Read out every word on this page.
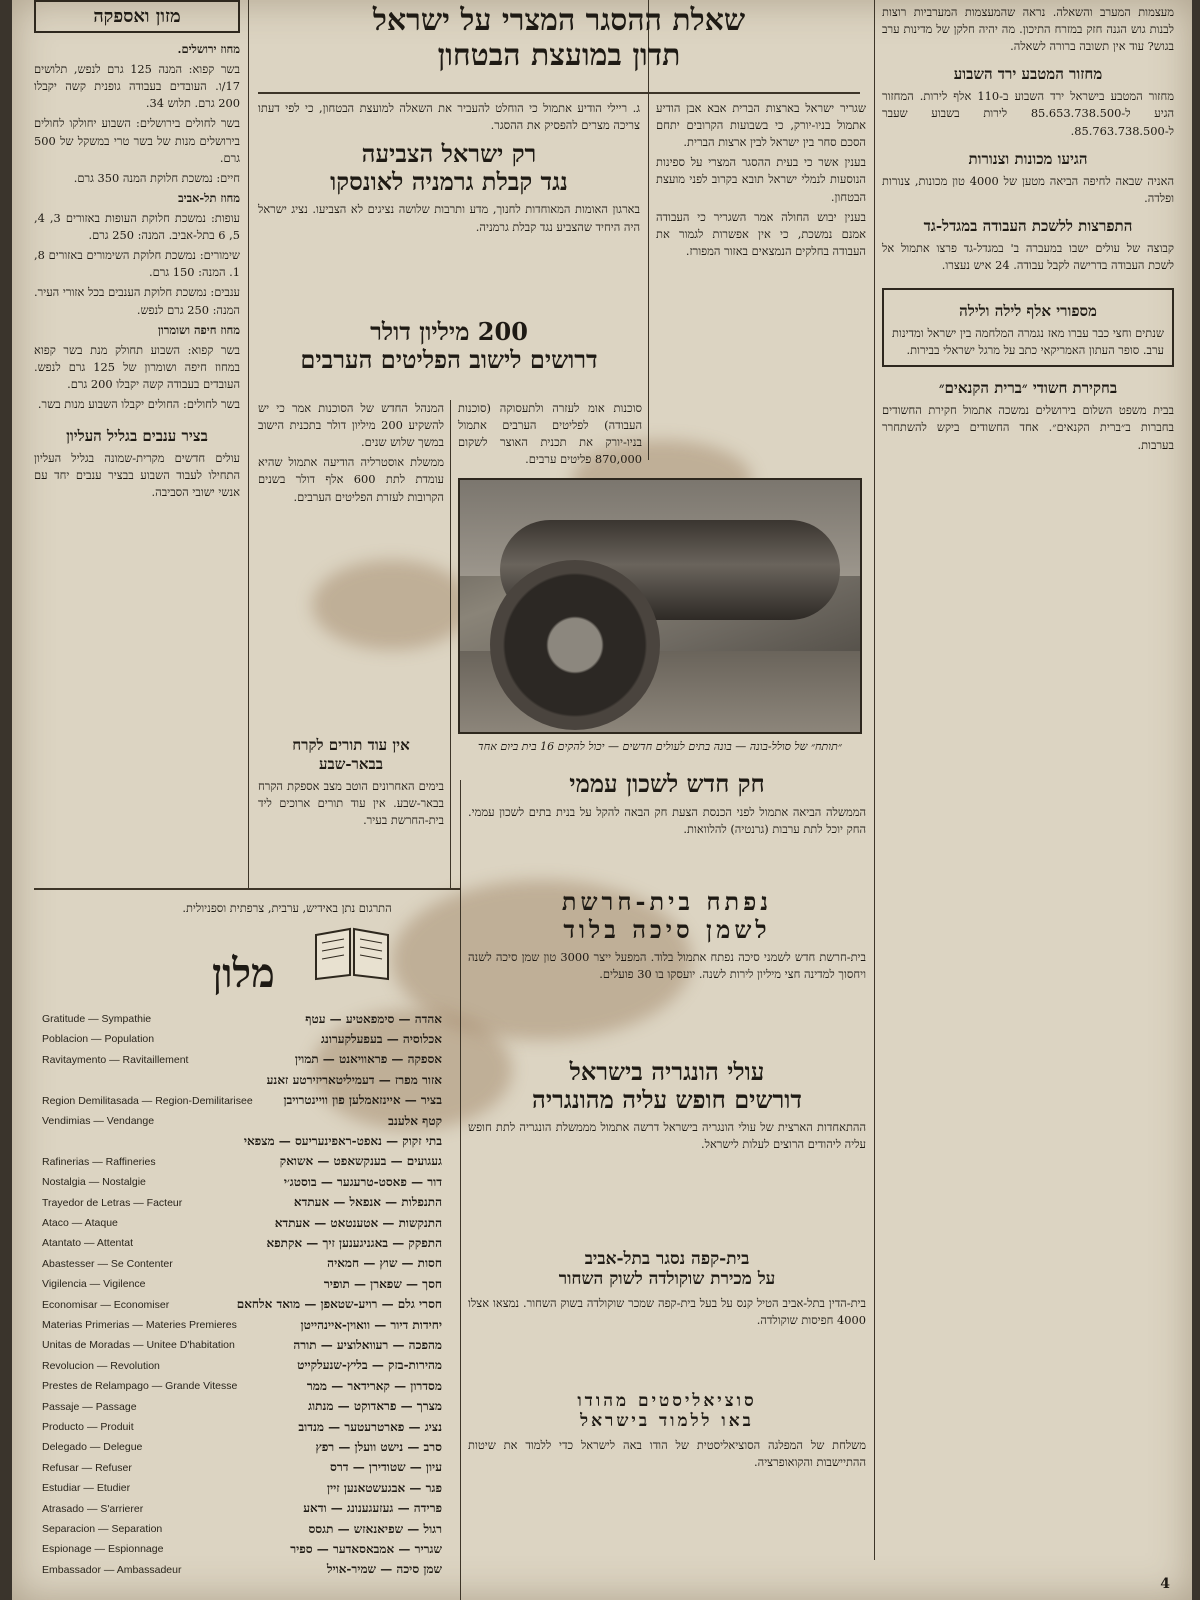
מזון ואספקה

מחוז ירושלים.

בשר קפוא: המנה 125 גרם לנפש, תלושים 17/ו. העובדים בעבודה גופנית קשה יקבלו 200 גרם. תלוש 34.

בשר לחולים בירושלים: השבוע יחולקו לחולים בירושלים מנות של בשר טרי במשקל של 500 גרם.

חיים: נמשכת חלוקת המנה 350 גרם.

מחוז תל-אביב

עופות: נמשכת חלוקת העופות באזורים 3, 4, 5, 6 בתל-אביב. המנה: 250 גרם.

שימורים: נמשכת חלוקת השימורים באזורים 8, 1. המנה: 150 גרם.

ענבים: נמשכת חלוקת הענבים בכל אזורי העיר. המנה: 250 גרם לנפש.

מחוז חיפה ושומרון

בשר קפוא: השבוע תחולק מנת בשר קפוא במחוז חיפה ושומרון של 125 גרם לנפש. העובדים בעבודה קשה יקבלו 200 גרם.

בשר לחולים: החולים יקבלו השבוע מנות בשר.

בציר ענבים בגליל העליון
עולים חדשים מקרית-שמונה בגליל העליון התחילו לעבוד השבוע בבציר ענבים יחד עם אנשי ישובי הסביבה.
שאלת ההסגר המצרי על ישראל
תדון במועצת הבטחון
ג. ריילי הודיע אתמול כי הוחלט להעביר את השאלה למועצת הבטחון, כי לפי דעתו צריכה מצרים להפסיק את ההסגר.
רק ישראל הצביעה
נגד קבלת גרמניה לאונסקו
בארגון האומות המאוחדות לחנוך, מדע ותרבות שלושה נציגים לא הצביעו. נציג ישראל היה היחיד שהצביע נגד קבלת גרמניה.

שגריר ישראל בארצות הברית אבא אבן הודיע אתמול בניו-יורק, כי בשבועות הקרובים יתחם הסכם סחר בין ישראל לבין ארצות הברית.

בענין אשר כי בעית ההסגר המצרי על ספינות הנוסעות לנמלי ישראל תובא בקרוב לפני מועצת הבטחון.

בענין יבוש החולה אמר השגריר כי העבודה אמנם נמשכת, כי אין אפשרות לגמור את העבודה בחלקים הנמצאים באזור המפורז.

200 מיליון דולר
דרושים לישוב הפליטים הערבים
סוכנות אומ לעזרה ולתעסוקה (סוכנות העבודה) לפליטים הערבים אתמול בניו-יורק את תכנית האוצר לשקום 870,000 פליטים ערבים.

המנהל החדש של הסוכנות אמר כי יש להשקיע 200 מיליון דולר בתכנית הישוב במשך שלוש שנים.

ממשלת אוסטרליה הודיעה אתמול שהיא עומדת לתת 600 אלף דולר בשנים הקרובות לעזרת הפליטים הערבים.

אין עוד תורים לקרח בבאר-שבע
בימים האחרונים הוטב מצב אספקת הקרח בבאר-שבע. אין עוד תורים ארוכים ליד בית-החרשת בעיר.
״תותח״ של סולל-בונה — בונה בתים לעולים חדשים — יכול להקים 16 בית ביום אחד
חק חדש לשכון עממי
הממשלה הביאה אתמול לפני הכנסת הצעת חק הבאה להקל על בנית בתים לשכון עממי. החק יוכל לתת ערבות (גרנטיה) להלוואות.
נפתח בית-חרשת
לשמן סיכה בלוד
בית-חרשת חדש לשמני סיכה נפתח אתמול בלוד. המפעל ייצר 3000 טון שמן סיכה לשנה ויחסוך למדינה חצי מיליון לירות לשנה. יועסקו בו 30 פועלים.
עולי הונגריה בישראל
דורשים חופש עליה מהונגריה
ההתאחדות הארצית של עולי הונגריה בישראל דרשה אתמול מממשלת הונגריה לתת חופש עליה ליהודים הרוצים לעלות לישראל.
בית-קפה נסגר בתל-אביב
על מכירת שוקולדה לשוק השחור
בית-הדין בתל-אביב הטיל קנס על בעל בית-קפה שמכר שוקולדה בשוק השחור. נמצאו אצלו 4000 חפיסות שוקולדה.
סוציאליסטים מהודו
באו ללמוד בישראל
משלחת של המפלגה הסוציאליסטית של הודו באה לישראל כדי ללמוד את שיטות ההתיישבות והקואופרציה.
מעצמות המערב והשאלה. נראה שהמעצמות המערביות רוצות לבנות גוש הגנה חזק במזרח התיכון. מה יהיה חלקן של מדינות ערב בגוש? עוד אין תשובה ברורה לשאלה.
מחזור המטבע ירד השבוע
מחזור המטבע בישראל ירד השבוע ב-110 אלף לירות. המחזור הגיע ל-85.653.738.500 לירות בשבוע שעבר ל-85.763.738.500.
הגיעו מכונות וצנורות
האניה שבאה לחיפה הביאה מטען של 4000 טון מכונות, צנורות ופלדה.
התפרצות ללשכת העבודה במגדל-גד
קבוצה של עולים ישבו במעברה ב' במגדל-גד פרצו אתמול אל לשכת העבודה בדרישה לקבל עבודה. 24 איש נעצרו.
מספורי אלף לילה ולילה
שנתים וחצי כבר עברו מאז נגמרה המלחמה בין ישראל ומדינות ערב. סופר העתון האמריקאי כתב על מרגל ישראלי בבירות.
בחקירת חשודי ״ברית הקנאים״
בבית משפט השלום בירושלים נמשכה אתמול חקירת החשודים בחברות ב״ברית הקנאים״. אחד החשודים ביקש להשתחרר בערבות.
התרגום נתן באידיש, ערבית, צרפתית וספניולית.
מלון
Gratitude — Sympathie	אהדה — סימפאטיע — עטף
Poblacion — Population	אכלוסיה — בעפעלקערונג
Ravitaymento — Ravitaillement	אספקה — פראוויאנט — תמוין
אזור מפרז — דעמיליטאריזירטע זאנע
Region Demilitasada — Region-Demilitarisee	בציר — איינזאמלען פון וויינטרויבן
Vendimias — Vendange	קטף אלענב
בתי זקוק — נאפט-ראפינעריעס — מצפאי
Rafinerias — Raffineries	געגועים — בענקשאפט — אשואק
Nostalgia — Nostalgie	דור — פאסט-טרעגער — בוסטג׳י
Trayedor de Letras — Facteur	התנפלות — אנפאל — אעתדא
Ataco — Ataque	התנקשות — אטענטאט — אעתדא
Atantato — Attentat	התפקק — באגניגענען זיך — אקתפא
Abastesser — Se Contenter	חסות — שוץ — חמאיה
Vigilencia — Vigilence	חסך — שפארן — תופיר
Economisar — Economiser	חסרי גלם — רויע-שטאפן — מואד אלחאם
Materias Primerias — Materies Premieres	יחידות דיור — וואוין-איינהייטן
Unitas de Moradas — Unitee D'habitation	מהפכה — רעוואלוציע — תורה
Revolucion — Revolution	מהירות-בזק — בליץ-שנעלקייט
Prestes de Relampago — Grande Vitesse	מסדרון — קארידאר — ממר
Passaje — Passage	מצרך — פראדוקט — מנתוג
Producto — Produit	נציג — פארטרעטער — מנדוב
Delegado — Delegue	סרב — נישט וועלן — רפץ
Refusar — Refuser	עיון — שטודירן — דרס
Estudiar — Etudier	פגר — אבגעשטאנען זיין
Atrasado — S'arrierer	פרידה — געזעגענונג — ודאע
Separacion — Separation	רגול — שפיאנאזש — תגסס
Espionage — Espionnage	שגריר — אמבאסאדער — ספיר
Embassador — Ambassadeur	שמן סיכה — שמיר-אויל
4
